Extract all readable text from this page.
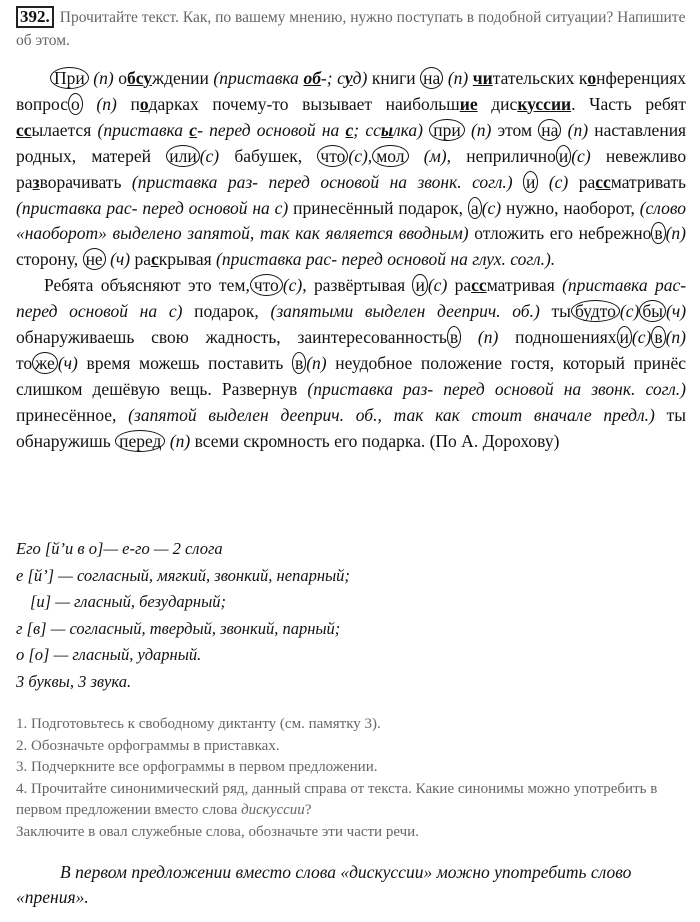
392. Прочитайте текст. Как, по вашему мнению, нужно поступать в подобной ситуации? Напишите об этом.

При (п) обсуждении (приставка об-; суд) книги на (п) читательских конференциях вопрос о (п) подарках почему-то вызывает наибольшие дискуссии. Часть ребят ссылается (приставка с- перед основой на с; ссылка) при (п) этом на (п) наставления родных, матерей или (с) бабушек, что (с), мол (м), неприлично и (с) невежливо разворачивать (приставка раз- перед основой на звонк. согл.) и (с) рассматривать (приставка рас- перед основой на с) принесённый подарок, а (с) нужно, наоборот, (слово «наоборот» выделено запятой, так как является вводным) отложить его небрежно в (п) сторону, не (ч) раскрывая (приставка рас- перед основой на глух. согл.).

Ребята объясняют это тем, что (с), развёртывая и (с) рассматривая (приставка рас- перед основой на с) подарок, (запятыми выделен дееприч. об.) ты будто (с) бы (ч) обнаруживаешь свою жадность, заинтересованность в (п) подношениях и (с) в (п) то же (ч) время можешь поставить в (п) неудобное положение гостя, который принёс слишком дешёвую вещь. Развернув (приставка раз- перед основой на звонк. согл.) принесённое, (запятой выделен дееприч. об., так как стоит вначале предл.) ты обнаружишь перед (п) всеми скромность его подарка. (По А. Дорохову)

Его [й’и в о]— е-го — 2 слога
е [й’] — согласный, мягкий, звонкий, непарный;
[и] — гласный, безударный;
г [в] — согласный, твердый, звонкий, парный;
о [о] — гласный, ударный.
3 буквы, 3 звука.
1. Подготовьтесь к свободному диктанту (см. памятку 3).
2. Обозначьте орфограммы в приставках.
3. Подчеркните все орфограммы в первом предложении.
4. Прочитайте синонимический ряд, данный справа от текста. Какие синонимы можно употребить в первом предложении вместо слова дискуссии?
Заключите в овал служебные слова, обозначьте эти части речи.

В первом предложении вместо слова «дискуссии» можно употребить слово «прения».
